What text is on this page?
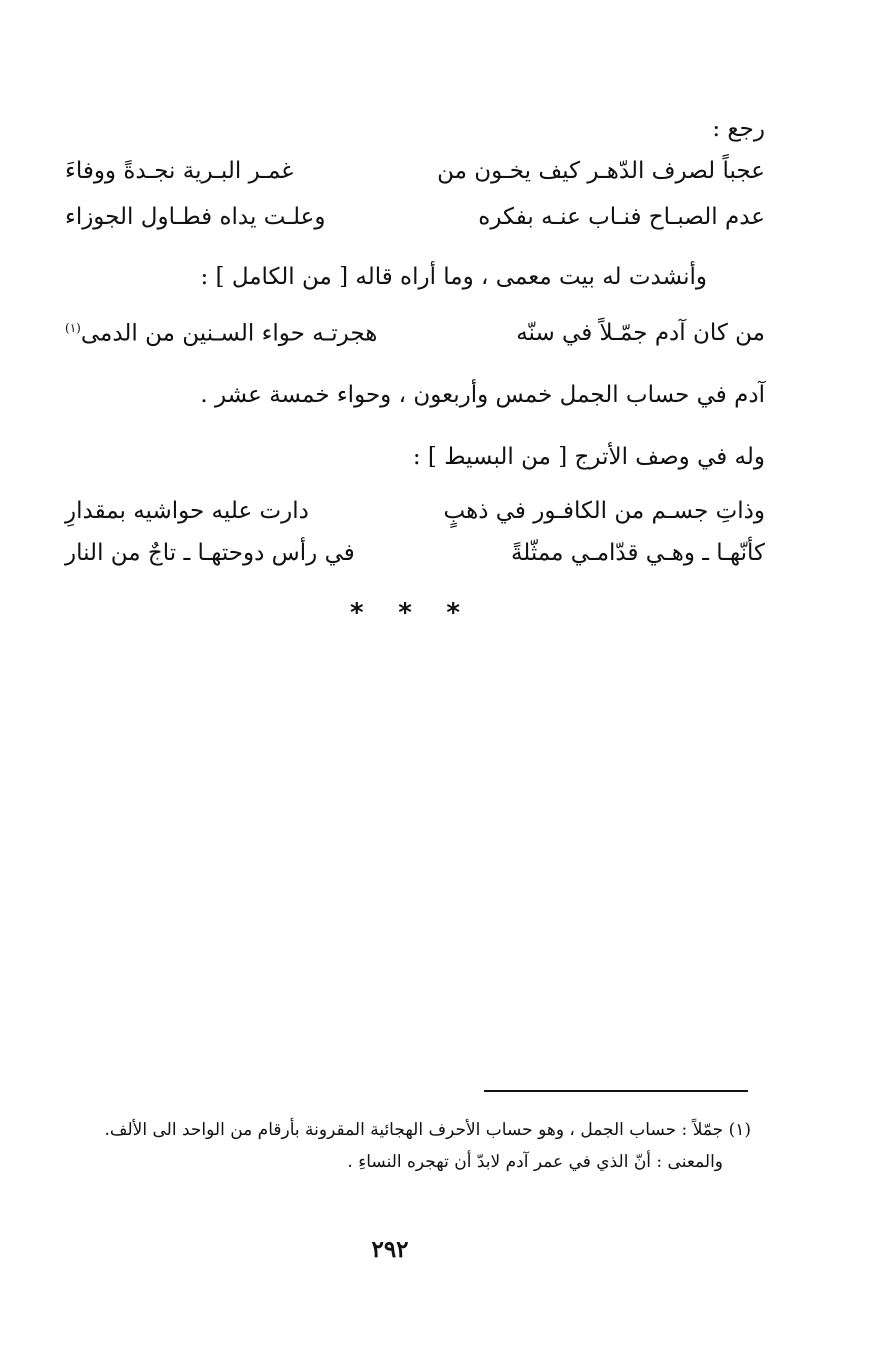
رجع :
عجباً لصرف الدّهـر كيف يخـون من
غمـر البـرية نجـدةً ووفاءَ
عدم الصبـاح فنـاب عنـه بفكره
وعلـت يداه فطـاول الجوزاء
وأنشدت له بيت معمى ، وما أراه قاله [ من الكامل ] :
من كان آدم جمّـلاً في سنّه
هجرتـه حواء السـنين من الدمى$^{(١)}$
آدم في حساب الجمل خمس وأربعون ، وحواء خمسة عشر .
وله في وصف الأترج [ من البسيط ] :
وذاتِ جسـم من الكافـور في ذهبٍ
دارت عليه حواشيه بمقدارِ
كأنّهـا ـ وهـي قدّامـي ممثّلةً
في رأس دوحتهـا ـ تاجٌ من النار
* * *
(١) جمّلاً : حساب الجمل ، وهو حساب الأحرف الهجائية المقرونة بأرقام من الواحد الى الألف.
والمعنى : أنّ الذي في عمر آدم لابدّ أن تهجره النساءِ .
٢٩٢
